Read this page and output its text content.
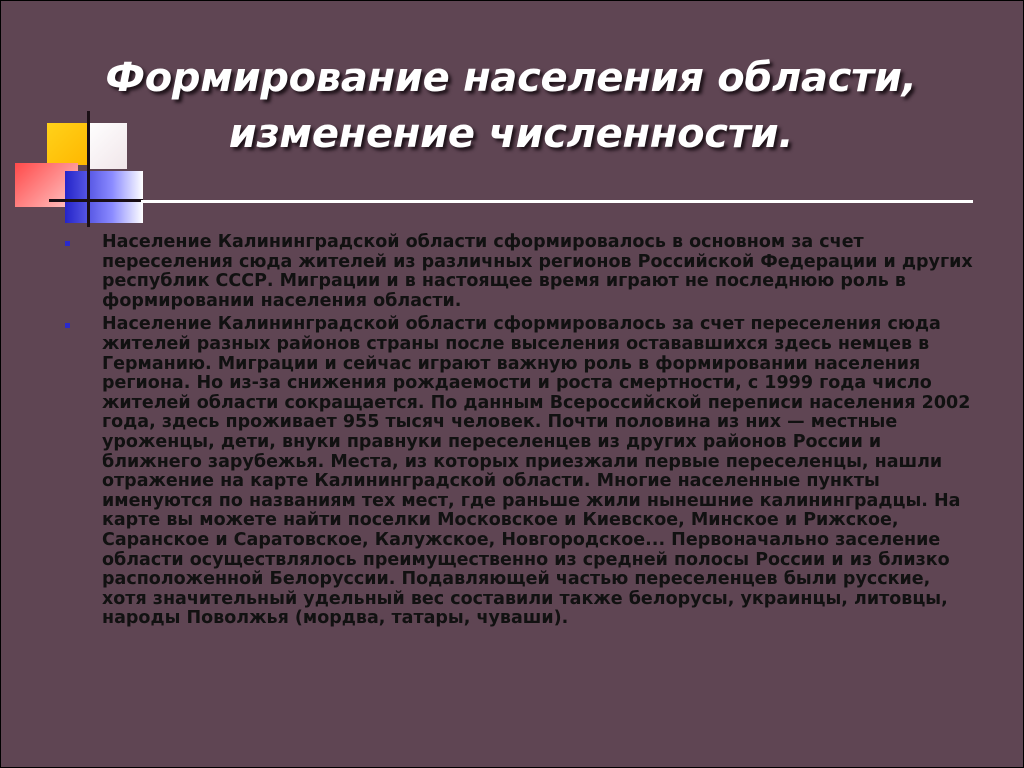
Формирование населения области,
изменение численности.
Население Калининградской области сформировалось в основном за счет переселения сюда жителей из различных регионов Российской Федерации и других республик СССР. Миграции и в настоящее время играют не последнюю роль в формировании населения области.
Население Калининградской области сформировалось за счет переселения сюда жителей разных районов страны после выселения остававшихся здесь немцев в Германию. Миграции и сейчас играют важную роль в формировании населения региона. Но из-за снижения рождаемости и роста смертности, с 1999 года число жителей области сокращается. По данным Всероссийской переписи населения 2002 года, здесь проживает 955 тысяч человек. Почти половина из них — местные уроженцы, дети, внуки правнуки переселенцев из других районов России и ближнего зарубежья. Места, из которых приезжали первые переселенцы, нашли отражение на карте Калининградской области. Многие населенные пункты именуются по названиям тех мест, где раньше жили нынешние калининградцы. На карте вы можете найти поселки Московское и Киевское, Минское и Рижское, Саранское и Саратовское, Калужское, Новгородское... Первоначально заселение области осуществлялось преимущественно из средней полосы России и из близко расположенной Белоруссии. Подавляющей частью переселенцев были русские, хотя значительный удельный вес составили также белорусы, украинцы, литовцы, народы Поволжья (мордва, татары, чуваши).
